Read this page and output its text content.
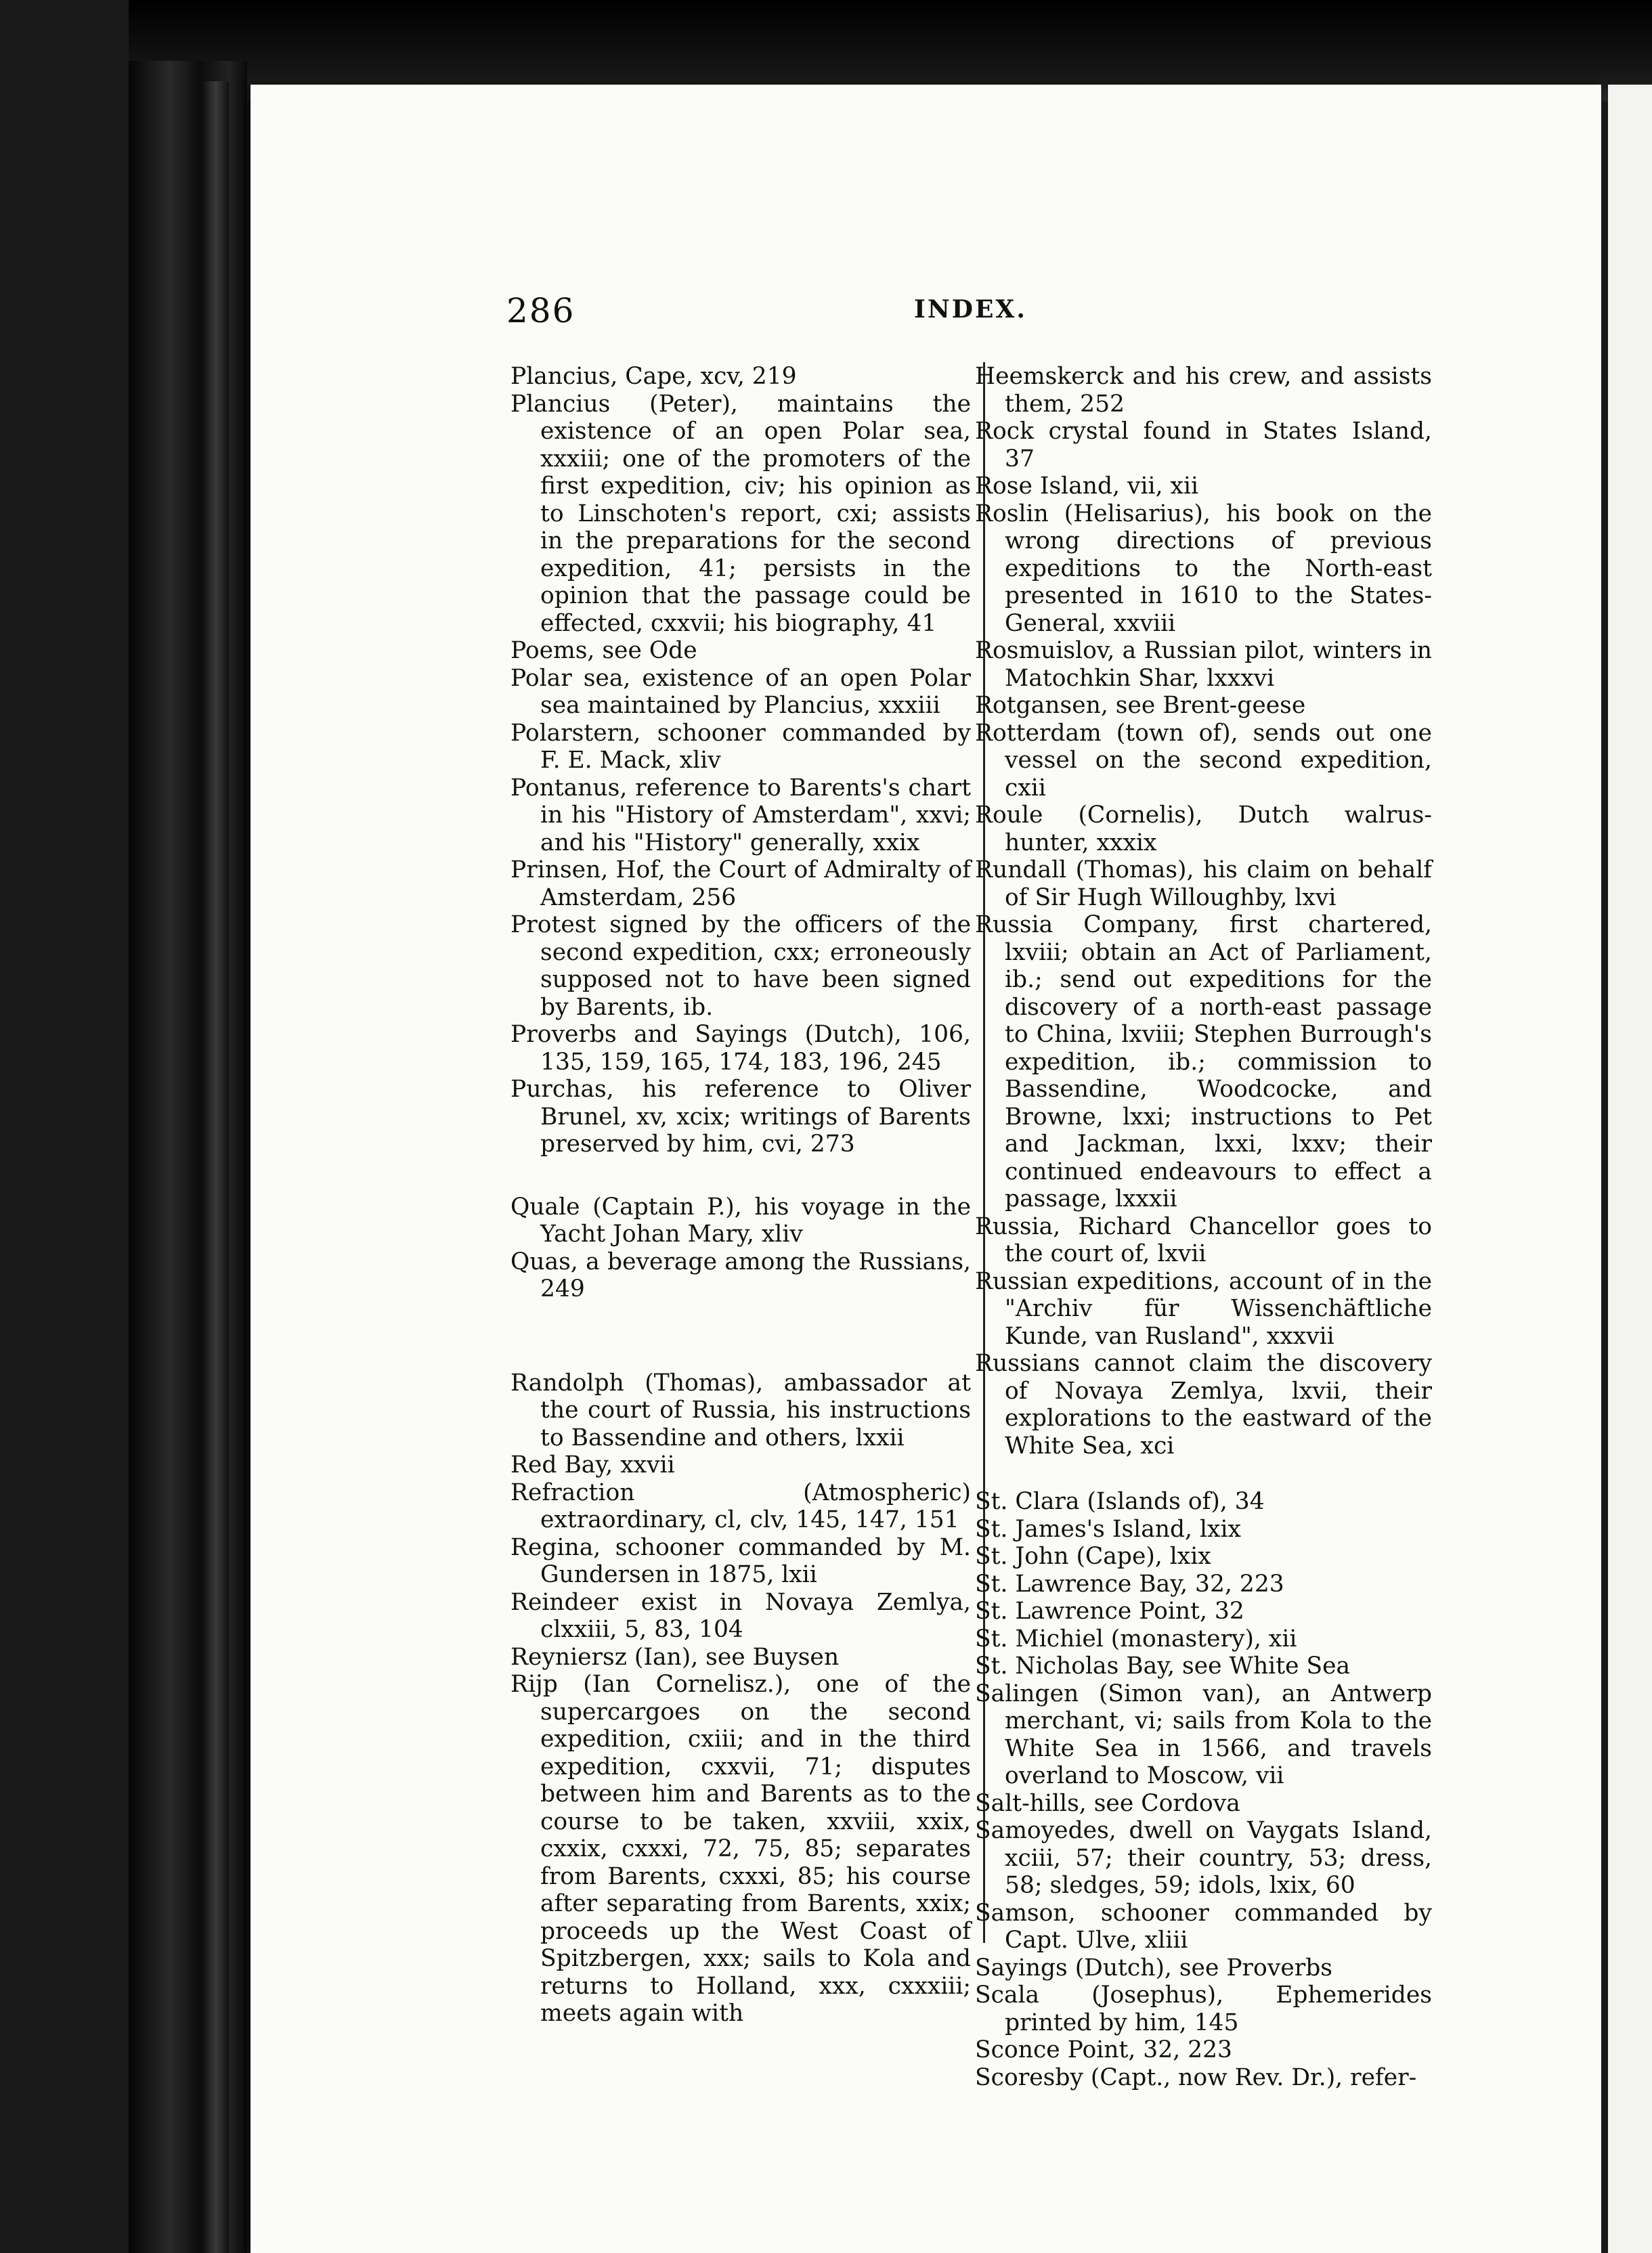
286	INDEX.

Plancius, Cape, xcv, 219

Plancius (Peter), maintains the existence of an open Polar sea, xxxiii; one of the promoters of the first expedition, civ; his opinion as to Linschoten's report, cxi; assists in the preparations for the second expedition, 41; persists in the opinion that the passage could be effected, cxxvii; his biography, 41

Poems, see Ode

Polar sea, existence of an open Polar sea maintained by Plancius, xxxiii

Polarstern, schooner commanded by F. E. Mack, xliv

Pontanus, reference to Barents's chart in his "History of Amsterdam", xxvi; and his "History" generally, xxix

Prinsen, Hof, the Court of Admiralty of Amsterdam, 256

Protest signed by the officers of the second expedition, cxx; erroneously supposed not to have been signed by Barents, ib.

Proverbs and Sayings (Dutch), 106, 135, 159, 165, 174, 183, 196, 245

Purchas, his reference to Oliver Brunel, xv, xcix; writings of Barents preserved by him, cvi, 273

Quale (Captain P.), his voyage in the Yacht Johan Mary, xliv

Quas, a beverage among the Russians, 249

Randolph (Thomas), ambassador at the court of Russia, his instructions to Bassendine and others, lxxii

Red Bay, xxvii

Refraction (Atmospheric) extraordinary, cl, clv, 145, 147, 151

Regina, schooner commanded by M. Gundersen in 1875, lxii

Reindeer exist in Novaya Zemlya, clxxiii, 5, 83, 104

Reyniersz (Ian), see Buysen

Rijp (Ian Cornelisz.), one of the supercargoes on the second expedition, cxiii; and in the third expedition, cxxvii, 71; disputes between him and Barents as to the course to be taken, xxviii, xxix, cxxix, cxxxi, 72, 75, 85; separates from Barents, cxxxi, 85; his course after separating from Barents, xxix; proceeds up the West Coast of Spitzbergen, xxx; sails to Kola and returns to Holland, xxx, cxxxiii; meets again with

Heemskerck and his crew, and assists them, 252

Rock crystal found in States Island, 37

Rose Island, vii, xii

Roslin (Helisarius), his book on the wrong directions of previous expeditions to the North-east presented in 1610 to the States-General, xxviii

Rosmuislov, a Russian pilot, winters in Matochkin Shar, lxxxvi

Rotgansen, see Brent-geese

Rotterdam (town of), sends out one vessel on the second expedition, cxii

Roule (Cornelis), Dutch walrus-hunter, xxxix

Rundall (Thomas), his claim on behalf of Sir Hugh Willoughby, lxvi

Russia Company, first chartered, lxviii; obtain an Act of Parliament, ib.; send out expeditions for the discovery of a north-east passage to China, lxviii; Stephen Burrough's expedition, ib.; commission to Bassendine, Woodcocke, and Browne, lxxi; instructions to Pet and Jackman, lxxi, lxxv; their continued endeavours to effect a passage, lxxxii

Russia, Richard Chancellor goes to the court of, lxvii

Russian expeditions, account of in the "Archiv für Wissenchäftliche Kunde, van Rusland", xxxvii

Russians cannot claim the discovery of Novaya Zemlya, lxvii, their explorations to the eastward of the White Sea, xci

St. Clara (Islands of), 34

St. James's Island, lxix

St. John (Cape), lxix

St. Lawrence Bay, 32, 223

St. Lawrence Point, 32

St. Michiel (monastery), xii

St. Nicholas Bay, see White Sea

Salingen (Simon van), an Antwerp merchant, vi; sails from Kola to the White Sea in 1566, and travels overland to Moscow, vii

Salt-hills, see Cordova

Samoyedes, dwell on Vaygats Island, xciii, 57; their country, 53; dress, 58; sledges, 59; idols, lxix, 60

Samson, schooner commanded by Capt. Ulve, xliii

Sayings (Dutch), see Proverbs

Scala (Josephus), Ephemerides printed by him, 145

Sconce Point, 32, 223

Scoresby (Capt., now Rev. Dr.), refer-
